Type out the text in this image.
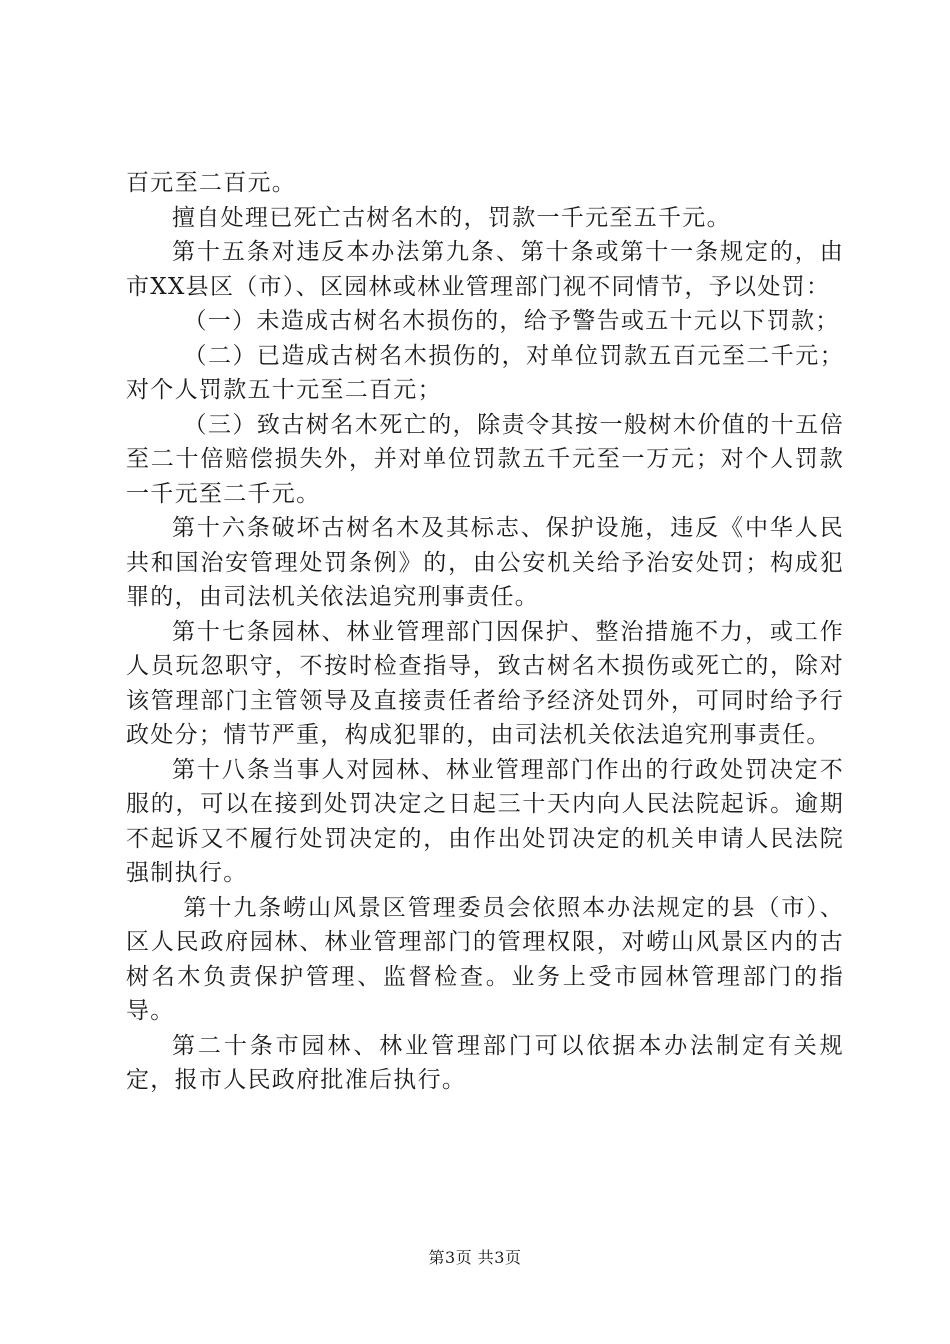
百元至二百元。

擅自处理已死亡古树名木的，罚款一千元至五千元。

第十五条对违反本办法第九条、第十条或第十一条规定的，由市XX县区（市）、区园林或林业管理部门视不同情节，予以处罚：

（一）未造成古树名木损伤的，给予警告或五十元以下罚款；

（二）已造成古树名木损伤的，对单位罚款五百元至二千元；对个人罚款五十元至二百元；

（三）致古树名木死亡的，除责令其按一般树木价值的十五倍至二十倍赔偿损失外，并对单位罚款五千元至一万元；对个人罚款一千元至二千元。

第十六条破坏古树名木及其标志、保护设施，违反《中华人民共和国治安管理处罚条例》的，由公安机关给予治安处罚；构成犯罪的，由司法机关依法追究刑事责任。

第十七条园林、林业管理部门因保护、整治措施不力，或工作人员玩忽职守，不按时检查指导，致古树名木损伤或死亡的，除对该管理部门主管领导及直接责任者给予经济处罚外，可同时给予行政处分；情节严重，构成犯罪的，由司法机关依法追究刑事责任。

第十八条当事人对园林、林业管理部门作出的行政处罚决定不服的，可以在接到处罚决定之日起三十天内向人民法院起诉。逾期不起诉又不履行处罚决定的，由作出处罚决定的机关申请人民法院强制执行。

第十九条崂山风景区管理委员会依照本办法规定的县（市）、区人民政府园林、林业管理部门的管理权限，对崂山风景区内的古树名木负责保护管理、监督检查。业务上受市园林管理部门的指导。

第二十条市园林、林业管理部门可以依据本办法制定有关规定，报市人民政府批准后执行。

第3页 共3页
